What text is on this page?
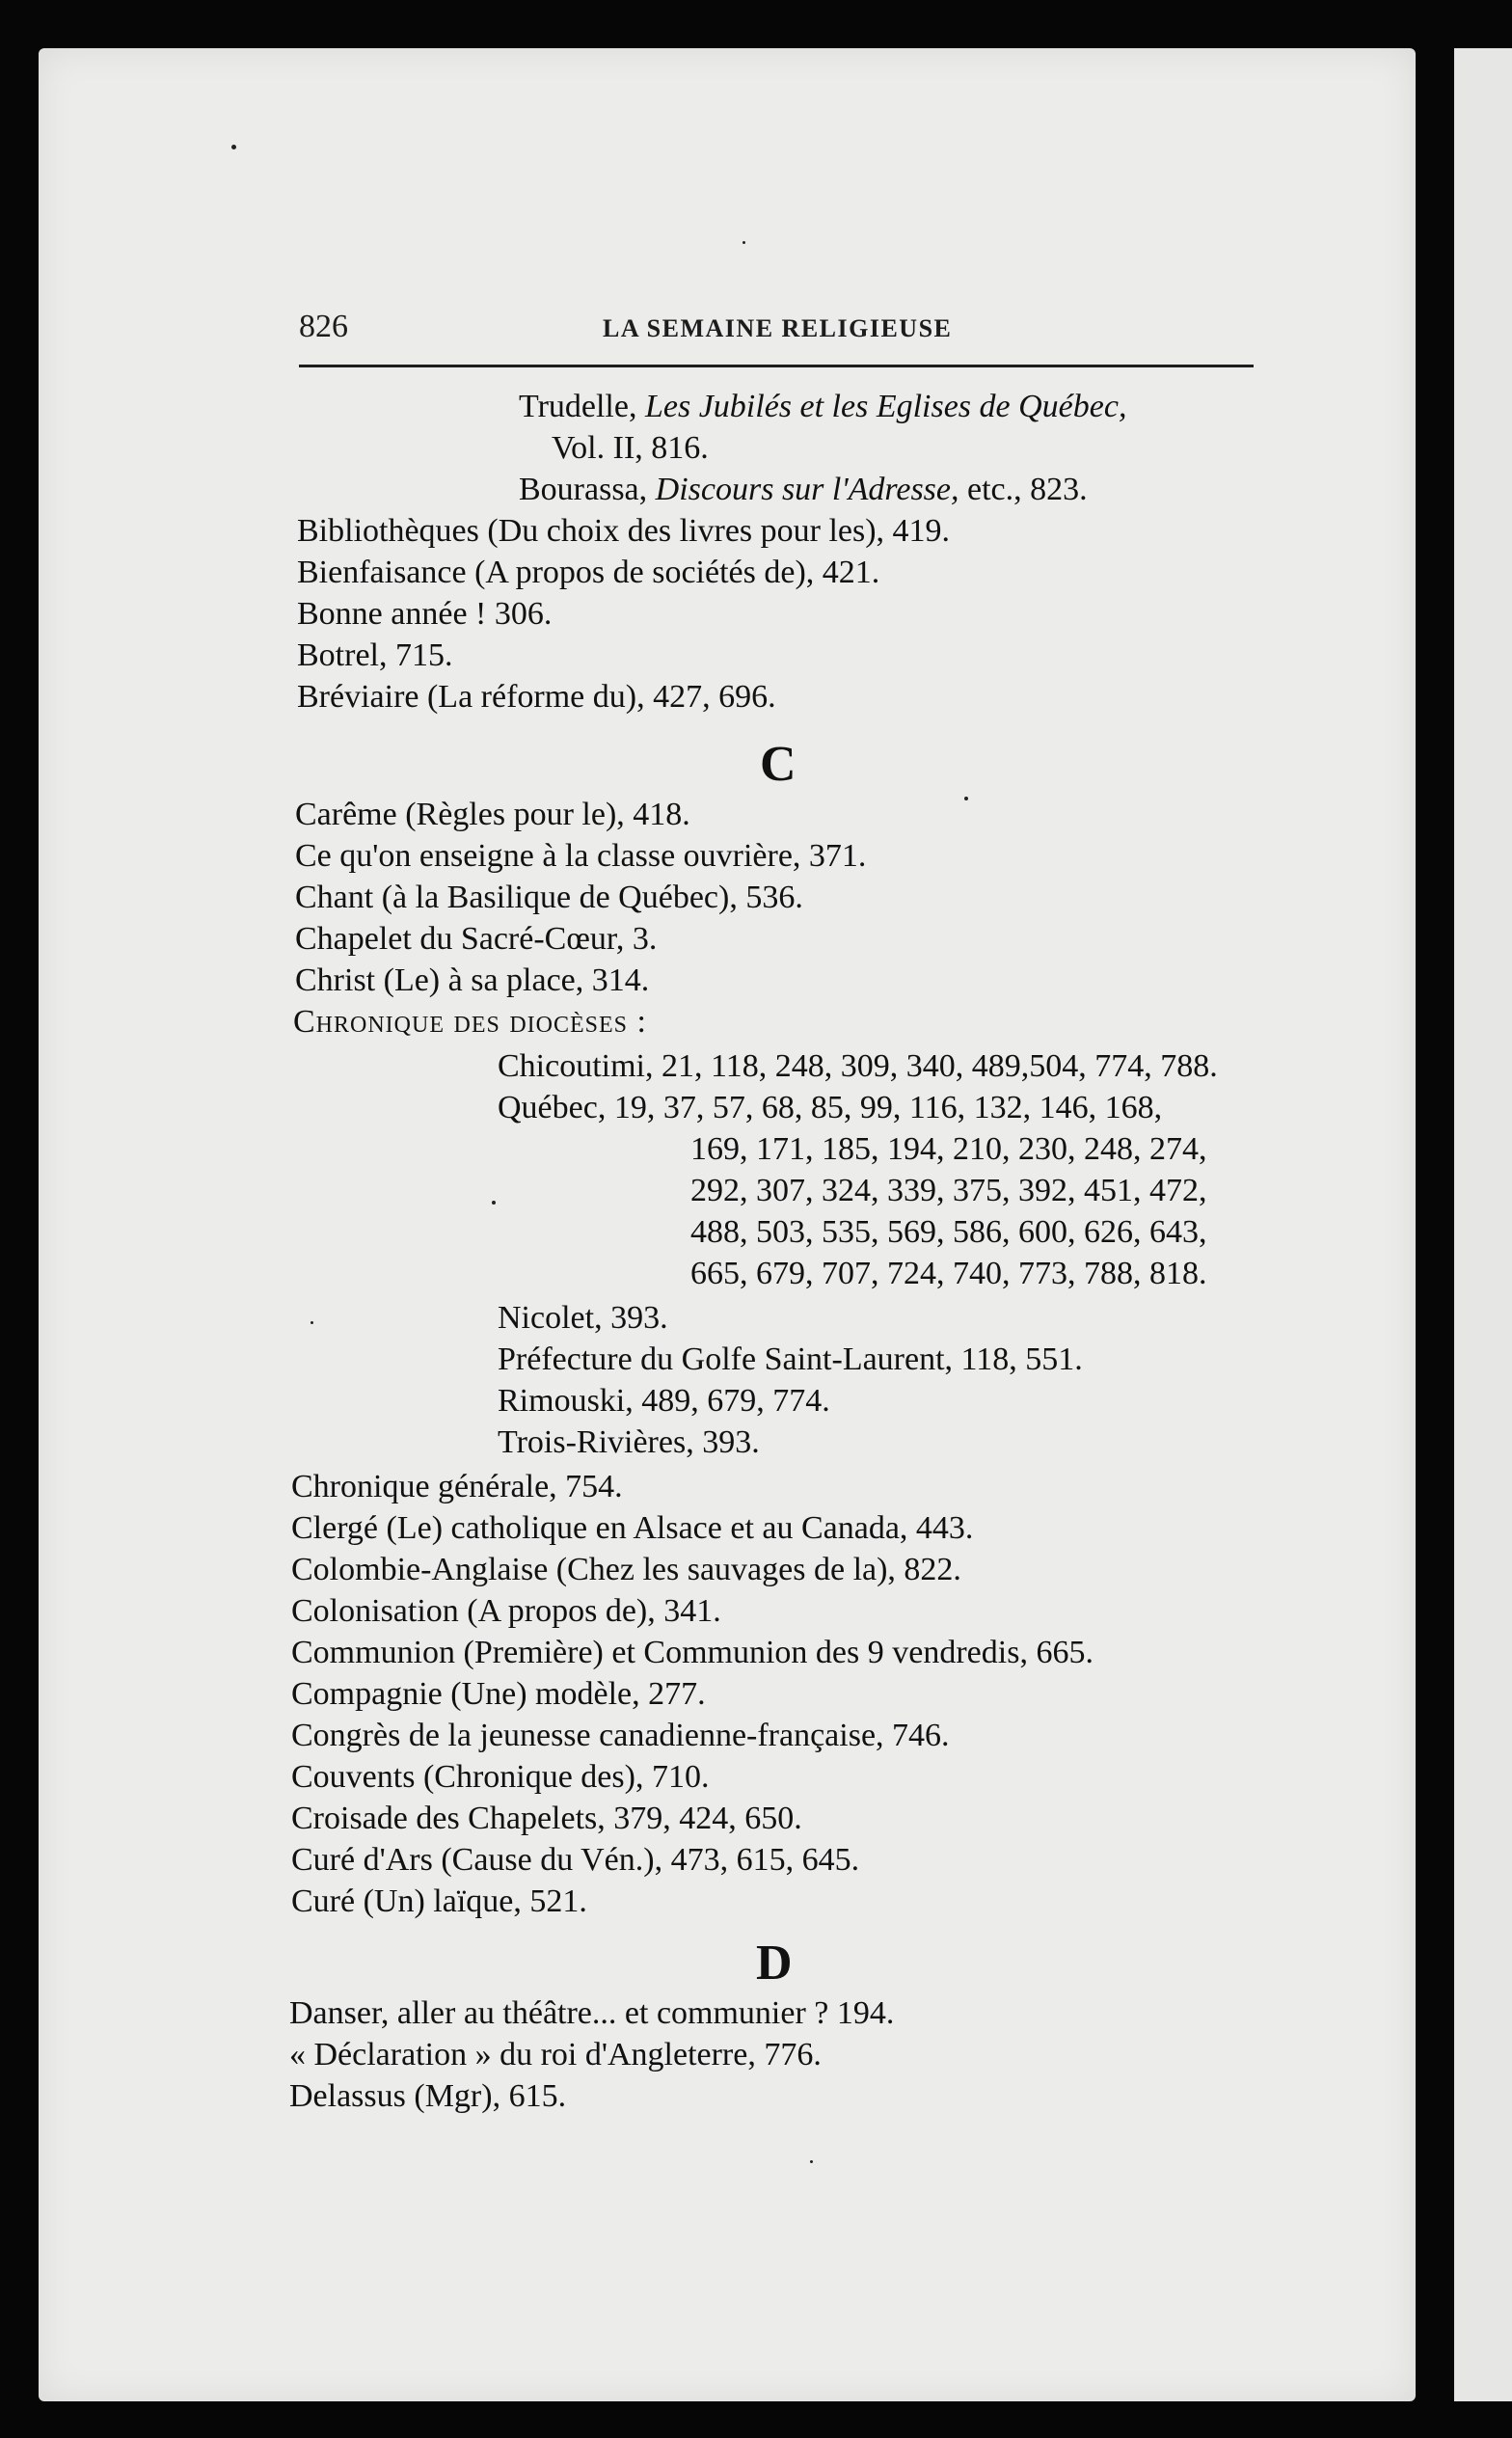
826	LA SEMAINE RELIGIEUSE
Trudelle, Les Jubilés et les Eglises de Québec,
Vol. II, 816.
Bourassa, Discours sur l'Adresse, etc., 823.
Bibliothèques (Du choix des livres pour les), 419.
Bienfaisance (A propos de sociétés de), 421.
Bonne année ! 306.
Botrel, 715.
Bréviaire (La réforme du), 427, 696.
C
Carême (Règles pour le), 418.
Ce qu'on enseigne à la classe ouvrière, 371.
Chant (à la Basilique de Québec), 536.
Chapelet du Sacré-Cœur, 3.
Christ (Le) à sa place, 314.
Chronique des diocèses :
Chicoutimi, 21, 118, 248, 309, 340, 489,504, 774, 788.
Québec, 19, 37, 57, 68, 85, 99, 116, 132, 146, 168,
169, 171, 185, 194, 210, 230, 248, 274,
292, 307, 324, 339, 375, 392, 451, 472,
488, 503, 535, 569, 586, 600, 626, 643,
665, 679, 707, 724, 740, 773, 788, 818.
Nicolet, 393.
Préfecture du Golfe Saint-Laurent, 118, 551.
Rimouski, 489, 679, 774.
Trois-Rivières, 393.
Chronique générale, 754.
Clergé (Le) catholique en Alsace et au Canada, 443.
Colombie-Anglaise (Chez les sauvages de la), 822.
Colonisation (A propos de), 341.
Communion (Première) et Communion des 9 vendredis, 665.
Compagnie (Une) modèle, 277.
Congrès de la jeunesse canadienne-française, 746.
Couvents (Chronique des), 710.
Croisade des Chapelets, 379, 424, 650.
Curé d'Ars (Cause du Vén.), 473, 615, 645.
Curé (Un) laïque, 521.
D
Danser, aller au théâtre... et communier ? 194.
« Déclaration » du roi d'Angleterre, 776.
Delassus (Mgr), 615.
